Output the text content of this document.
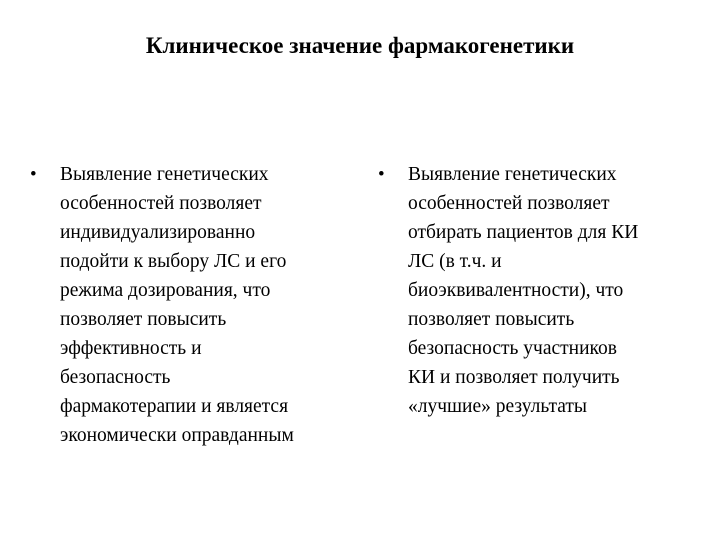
Клиническое значение фармакогенетики
•	Выявление генетических
особенностей позволяет
индивидуализированно
подойти к выбору ЛС и его
режима дозирования, что
позволяет повысить
эффективность и
безопасность
фармакотерапии и является
экономически оправданным
•	Выявление генетических
особенностей позволяет
отбирать пациентов для КИ
ЛС (в т.ч. и
биоэквивалентности), что
позволяет повысить
безопасность участников
КИ и позволяет получить
«лучшие» результаты
